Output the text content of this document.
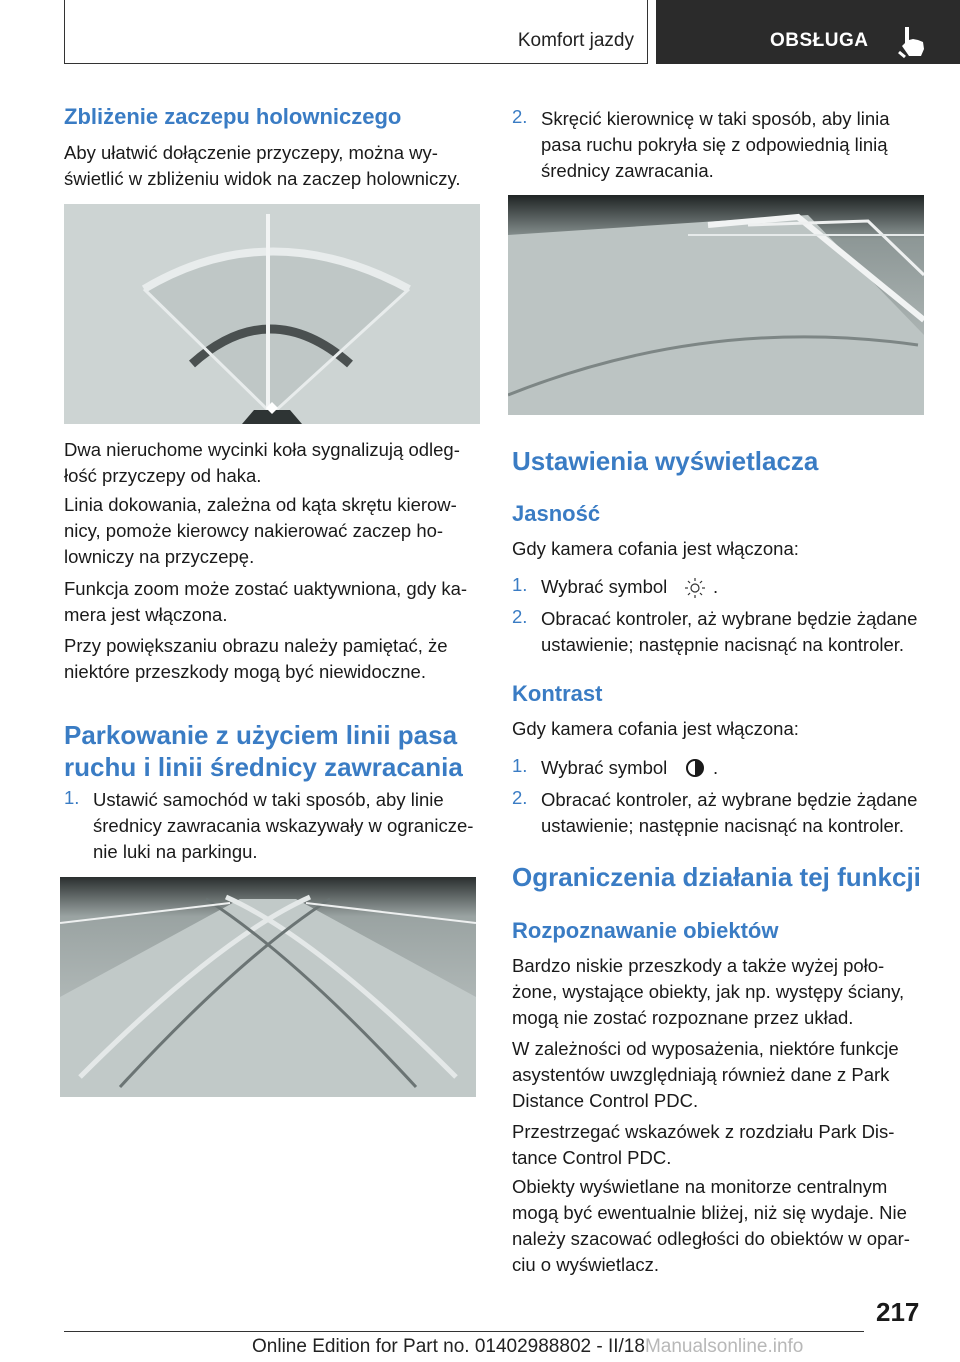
Komfort jazdy	OBSŁUGA
Zbliżenie zaczepu holowniczego
Aby ułatwić dołączenie przyczepy, można wy-
świetlić w zbliżeniu widok na zaczep holowniczy.
Dwa nieruchome wycinki koła sygnalizują odleg-
łość przyczepy od haka.
Linia dokowania, zależna od kąta skrętu kierow-
nicy, pomoże kierowcy nakierować zaczep ho-
lowniczy na przyczepę.
Funkcja zoom może zostać uaktywniona, gdy ka-
mera jest włączona.
Przy powiększaniu obrazu należy pamiętać, że
niektóre przeszkody mogą być niewidoczne.
Parkowanie z użyciem linii pasa
ruchu i linii średnicy zawracania
1. Ustawić samochód w taki sposób, aby linie
średnicy zawracania wskazywały w ogranicze-
nie luki na parkingu.
2. Skręcić kierownicę w taki sposób, aby linia
pasa ruchu pokryła się z odpowiednią linią
średnicy zawracania.
Ustawienia wyświetlacza
Jasność
Gdy kamera cofania jest włączona:
1. Wybrać symbol .
2. Obracać kontroler, aż wybrane będzie żądane
ustawienie; następnie nacisnąć na kontroler.
Kontrast
Gdy kamera cofania jest włączona:
1. Wybrać symbol .
2. Obracać kontroler, aż wybrane będzie żądane
ustawienie; następnie nacisnąć na kontroler.
Ograniczenia działania tej funkcji
Rozpoznawanie obiektów
Bardzo niskie przeszkody a także wyżej poło-
żone, wystające obiekty, jak np. występy ściany,
mogą nie zostać rozpoznane przez układ.
W zależności od wyposażenia, niektóre funkcje
asystentów uwzględniają również dane z Park
Distance Control PDC.
Przestrzegać wskazówek z rozdziału Park Dis-
tance Control PDC.
Obiekty wyświetlane na monitorze centralnym
mogą być ewentualnie bliżej, niż się wydaje. Nie
należy szacować odległości do obiektów w opar-
ciu o wyświetlacz.
217
Online Edition for Part no. 01402988802 - II/18Manualsonline.info
